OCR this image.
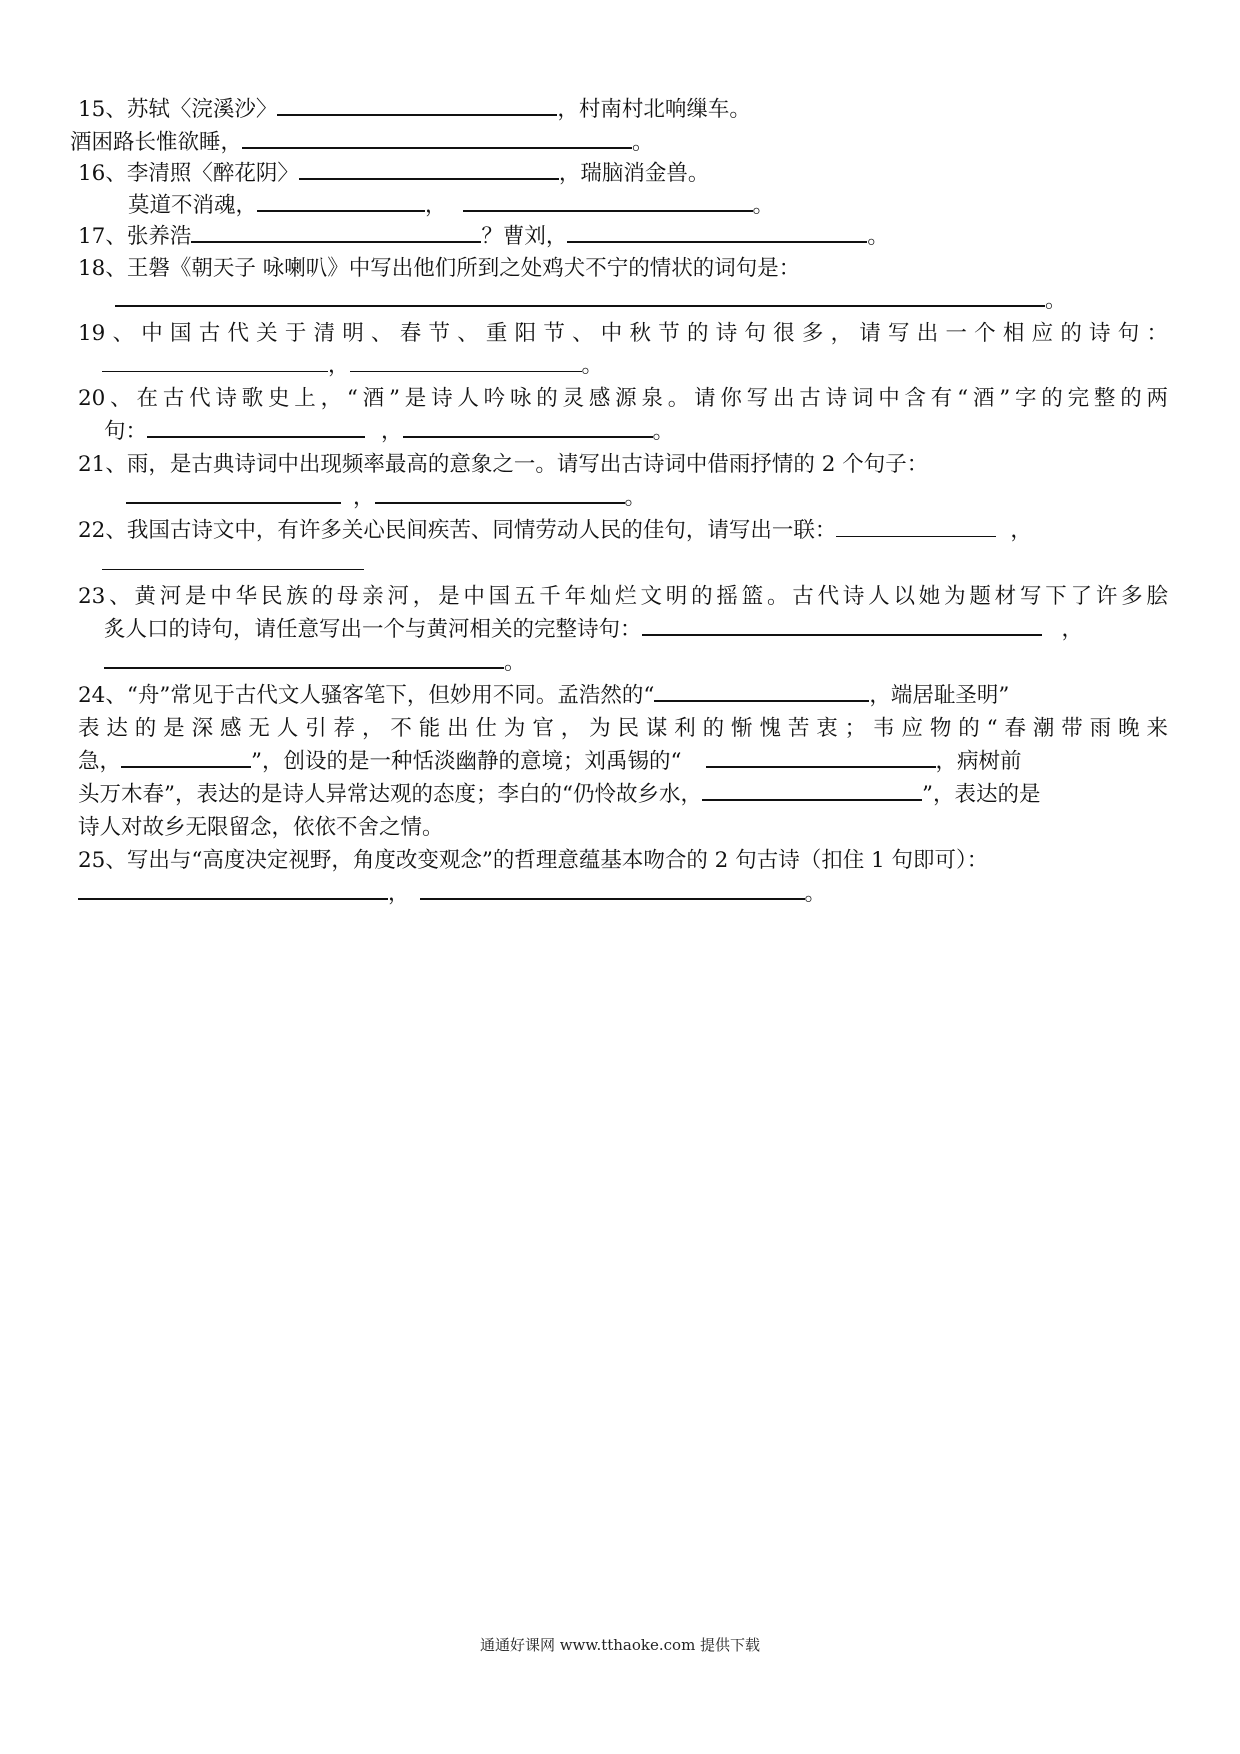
15、苏轼〈浣溪沙〉	，村南村北响缫车。
酒困路长惟欲睡，	。
16、李清照〈醉花阴〉	，瑞脑消金兽。
莫道不消魂，	，	。
17、张养浩	？曹刘，	。
18、王磐《朝天子 咏喇叭》中写出他们所到之处鸡犬不宁的情状的词句是：
。
19、中国古代关于清明、春节、重阳节、中秋节的诗句很多，请写出一个相应的诗句：
，	。
20、在古代诗歌史上，“酒”是诗人吟咏的灵感源泉。请你写出古诗词中含有“酒”字的完整的两
句：	，	。
21、雨，是古典诗词中出现频率最高的意象之一。请写出古诗词中借雨抒情的 2 个句子：
，	。
22、我国古诗文中，有许多关心民间疾苦、同情劳动人民的佳句，请写出一联：	，
23、黄河是中华民族的母亲河，是中国五千年灿烂文明的摇篮。古代诗人以她为题材写下了许多脍
炙人口的诗句，请任意写出一个与黄河相关的完整诗句：	，
。
24、“舟”常见于古代文人骚客笔下，但妙用不同。孟浩然的“	，端居耻圣明”
表达的是深感无人引荐，不能出仕为官，为民谋利的惭愧苦衷；韦应物的“春潮带雨晚来
急，	”，创设的是一种恬淡幽静的意境；刘禹锡的“	，病树前
头万木春”，表达的是诗人异常达观的态度；李白的“仍怜故乡水，	”，表达的是
诗人对故乡无限留念，依依不舍之情。
25、写出与“高度决定视野，角度改变观念”的哲理意蕴基本吻合的 2 句古诗（扣住 1 句即可）：
，	。
通通好课网 www.tthaoke.com 提供下载
